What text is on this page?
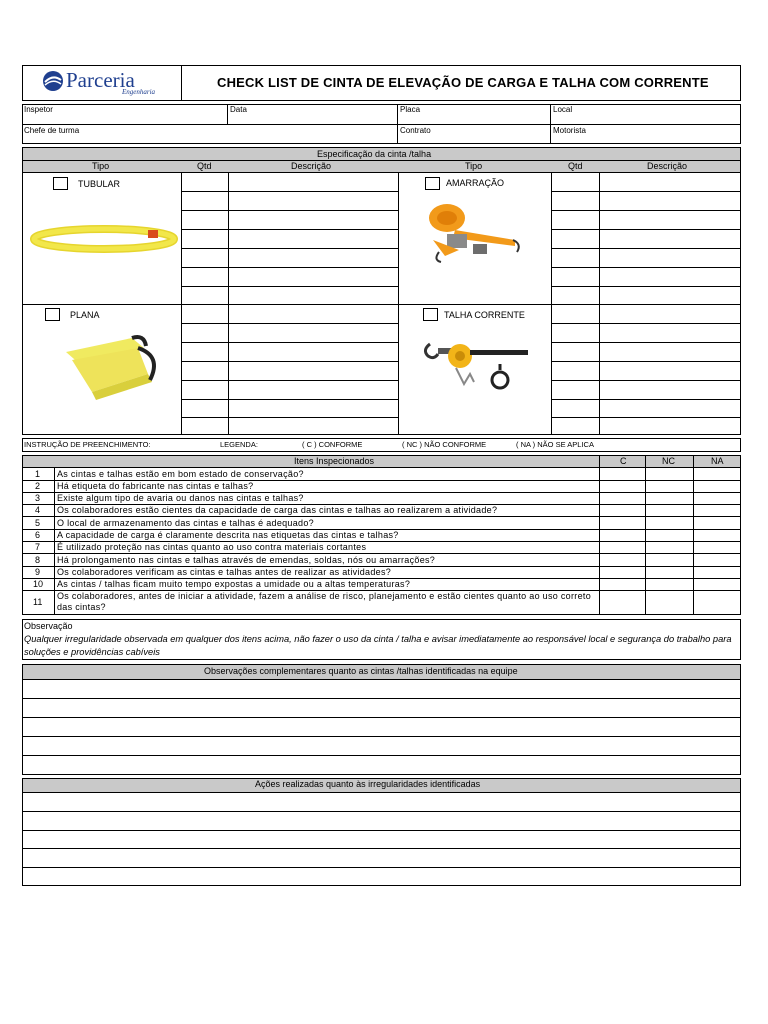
Parceria
Engenharia
CHECK LIST DE CINTA DE ELEVAÇÃO DE CARGA E TALHA COM CORRENTE
Inspetor	Data	Placa	Local
Chefe de turma	Contrato	Motorista
Especificação da cinta /talha
Tipo	Qtd	Descrição	Tipo	Qtd	Descrição
TUBULAR	AMARRAÇÃO
PLANA	TALHA CORRENTE
INSTRUÇÃO DE PREENCHIMENTO:	LEGENDA:	( C ) CONFORME	( NC ) NÃO CONFORME	( NA ) NÃO SE APLICA
Itens Inspecionados	C	NC	NA
1 As cintas e talhas estão em bom estado de conservação?
2 Há etiqueta do fabricante nas cintas e talhas?
3 Existe algum tipo de avaria ou danos nas cintas e talhas?
4 Os colaboradores estão cientes da capacidade de carga das cintas e talhas ao realizarem a atividade?
5 O local de armazenamento das cintas e talhas é adequado?
6 A capacidade de carga é claramente descrita nas etiquetas das cintas e talhas?
7 É utilizado proteção nas cintas quanto ao uso contra materiais cortantes
8 Há prolongamento nas cintas e talhas através de emendas, soldas, nós ou amarrações?
9 Os colaboradores verificam as cintas e talhas antes de realizar as atividades?
10 As cintas / talhas ficam muito tempo expostas a umidade ou a altas temperaturas?
11
Os colaboradores, antes de iniciar a atividade, fazem a análise de risco, planejamento e estão cientes quanto ao uso correto das cintas?
Observação
Qualquer irregularidade observada em qualquer dos itens acima, não fazer o uso da cinta / talha e avisar imediatamente ao responsável local e segurança do trabalho para soluções e providências cabíveis
Observações complementares quanto as cintas /talhas identificadas na equipe
Ações realizadas quanto às irregularidades identificadas
